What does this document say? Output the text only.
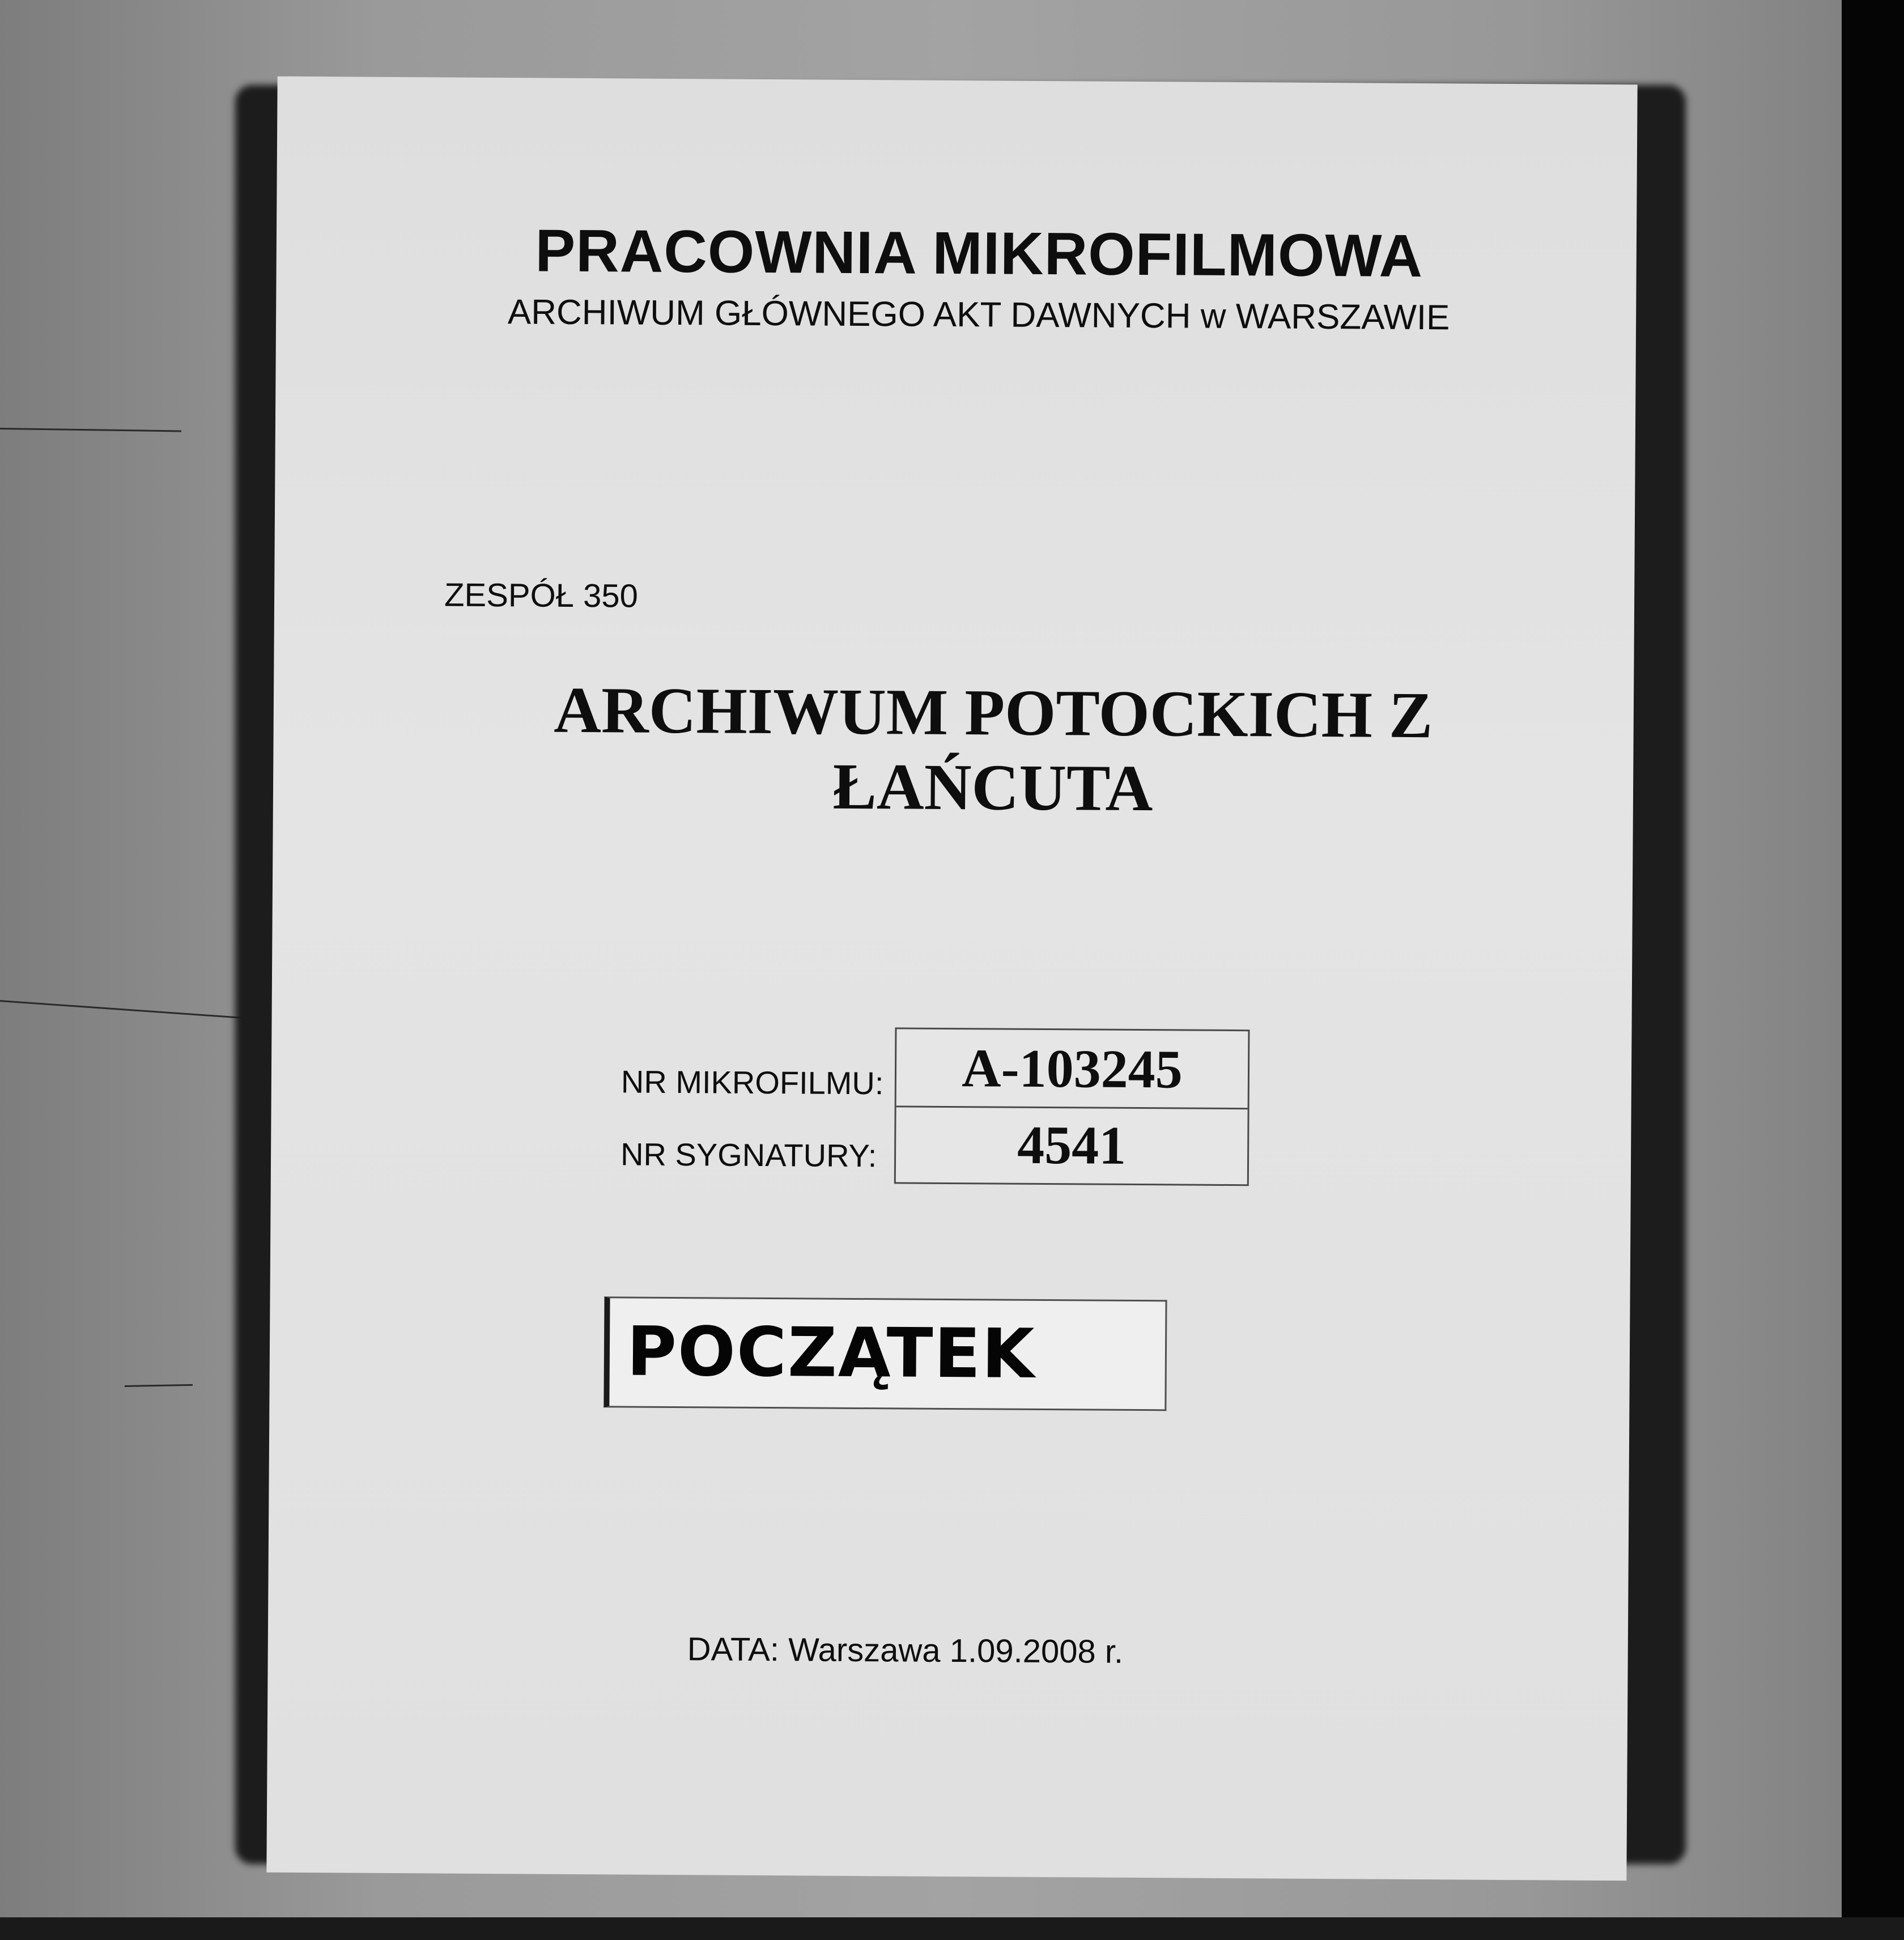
PRACOWNIA MIKROFILMOWA
ARCHIWUM GŁÓWNEGO AKT DAWNYCH w WARSZAWIE
ZESPÓŁ 350
ARCHIWUM POTOCKICH Z ŁAŃCUTA
NR MIKROFILMU:
NR SYGNATURY:
A-103245
4541
POCZĄTEK
DATA: Warszawa 1.09.2008 r.
